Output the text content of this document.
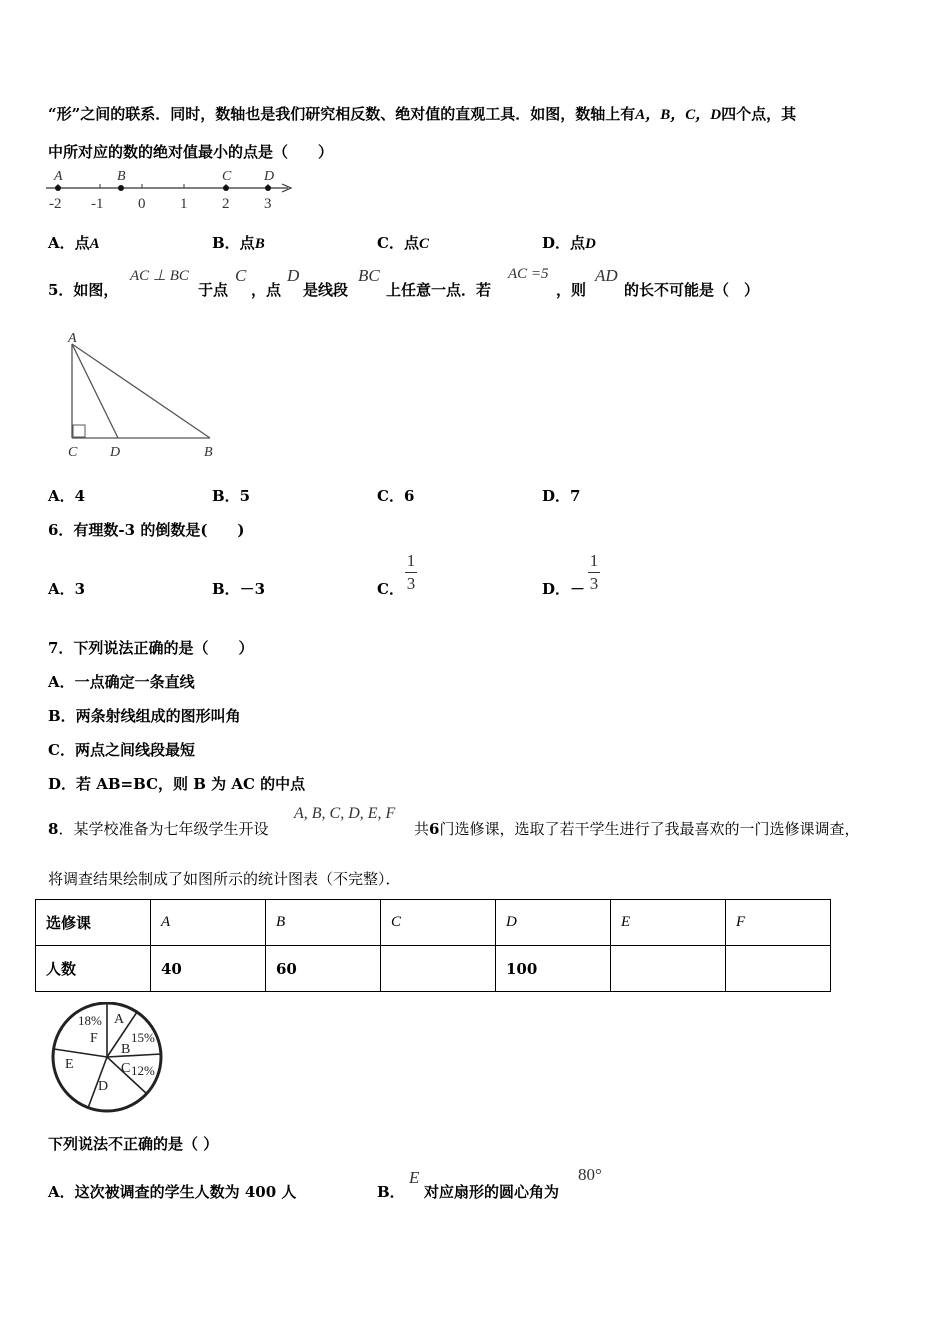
“形”之间的联系．同时，数轴也是我们研究相反数、绝对值的直观工具．如图，数轴上有A，B，C，D四个点，其
中所对应的数的绝对值最小的点是（　　）
-2 -1 0 1 2 3
A	B	C D
A．点A	B．点B	C．点C	D．点D
5．如图，
AC ⊥ BC
于点
C
，点
D
是线段
BC
上任意一点．若
AC =5
，则
AD
的长不可能是（　）
A
C D	B
A．4	B．5	C．6	D．7
6．有理数-3 的倒数是(　　)
A．3	B．－3	C．
1
3	D．－
1
3
7．下列说法正确的是（　　）
A．一点确定一条直线
B．两条射线组成的图形叫角
C．两点之间线段最短
D．若 AB=BC，则 B 为 AC 的中点
8．某学校准备为七年级学生开设
A, B, C, D, E, F
共6门选修课，选取了若干学生进行了我最喜欢的一门选修课调查，
将调查结果绘制成了如图所示的统计图表（不完整）．
选修课	A	B	C	D	E	F
人数	40	60		100		
A
B
C
D
E
F	15%
12%
18%
下列说法不正确的是（ ）
A．这次被调查的学生人数为 400 人	B．
E
对应扇形的圆心角为
80°
